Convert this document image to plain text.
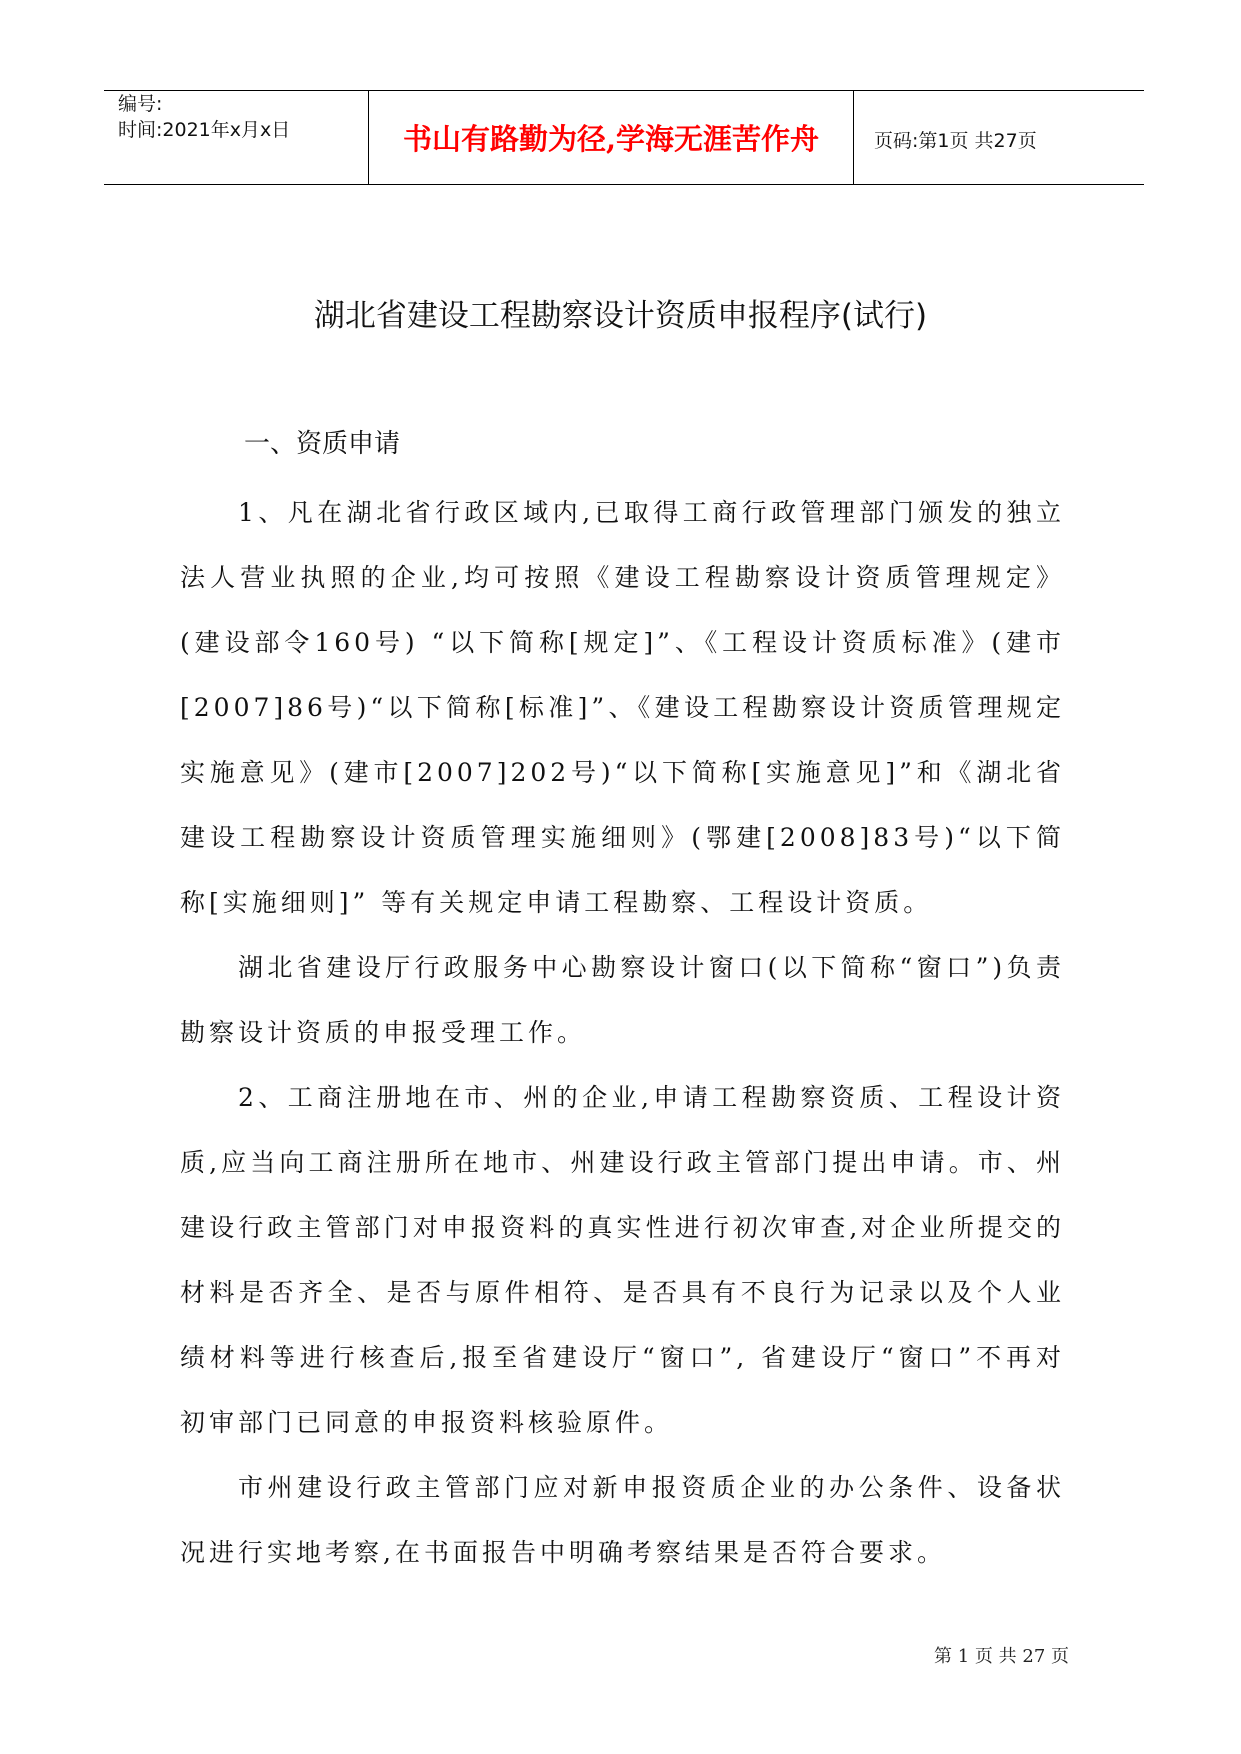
编号:
时间:2021年x月x日	书山有路勤为径,学海无涯苦作舟	页码:第1页 共27页
湖北省建设工程勘察设计资质申报程序(试行)
一、资质申请

1、凡在湖北省行政区域内,已取得工商行政管理部门颁发的独立法人营业执照的企业,均可按照《建设工程勘察设计资质管理规定》(建设部令160号) “以下简称[规定]”、《工程设计资质标准》(建市[2007]86号)“以下简称[标准]”、《建设工程勘察设计资质管理规定实施意见》(建市[2007]202号)“以下简称[实施意见]”和《湖北省建设工程勘察设计资质管理实施细则》(鄂建[2008]83号)“以下简称[实施细则]” 等有关规定申请工程勘察、工程设计资质。

湖北省建设厅行政服务中心勘察设计窗口(以下简称“窗口”)负责勘察设计资质的申报受理工作。

2、工商注册地在市、州的企业,申请工程勘察资质、工程设计资质,应当向工商注册所在地市、州建设行政主管部门提出申请。市、州建设行政主管部门对申报资料的真实性进行初次审查,对企业所提交的材料是否齐全、是否与原件相符、是否具有不良行为记录以及个人业绩材料等进行核查后,报至省建设厅“窗口”, 省建设厅“窗口”不再对初审部门已同意的申报资料核验原件。

市州建设行政主管部门应对新申报资质企业的办公条件、设备状况进行实地考察,在书面报告中明确考察结果是否符合要求。

第 1 页 共 27 页
